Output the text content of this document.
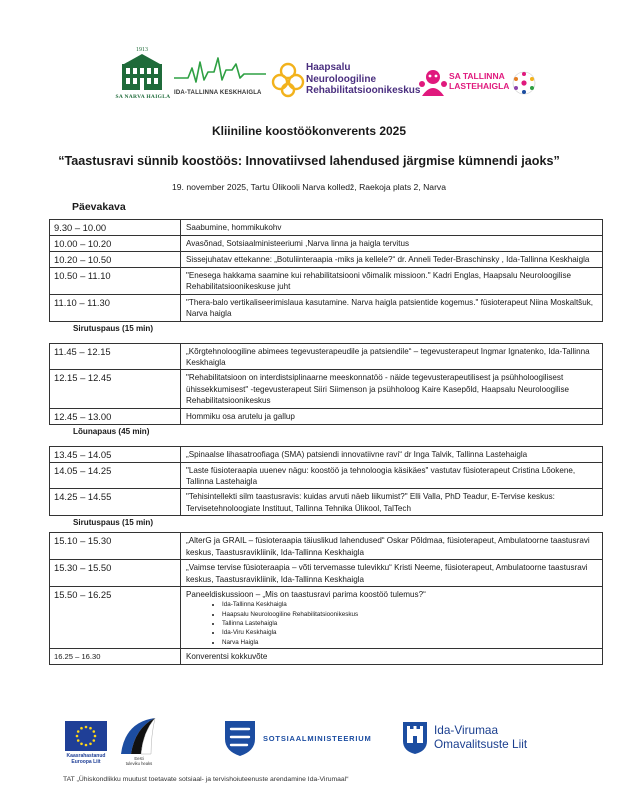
1913
SA NARVA HAIGLA
IDA-TALLINNA KESKHAIGLA
Haapsalu
Neuroloogiline
Rehabilitatsioonikeskus
SA TALLINNA
LASTEHAIGLA
Kliiniline koostöökonverents 2025
“Taastusravi sünnib koostöös: Innovatiivsed lahendused järgmise kümnendi jaoks”
19. november 2025, Tartu Ülikooli Narva kolledž, Raekoja plats 2, Narva
Päevakava
9.30 – 10.00	Saabumine, hommikukohv
10.00 – 10.20	Avasõnad, Sotsiaalministeeriumi ,Narva linna ja haigla tervitus
10.20 – 10.50	Sissejuhatav ettekanne: „Botuliinteraapia -miks ja kellele?“ dr. Anneli Teder-Braschinsky , Ida-Tallinna Keskhaigla
10.50 – 11.10	"Enesega hakkama saamine kui rehabilitatsiooni võimalik missioon." Kadri Englas, Haapsalu Neuroloogilise Rehabilitatsioonikeskuse juht
11.10 – 11.30	"Thera-balo vertikaliseerimislaua kasutamine. Narva haigla patsientide kogemus." füsioterapeut Niina Moskaltšuk, Narva haigla
Sirutuspaus (15 min)
11.45 – 12.15	„Kõrgtehnoloogiline abimees tegevusterapeudile ja patsiendile“ – tegevusterapeut Ingmar Ignatenko, Ida-Tallinna Keskhaigla
12.15 – 12.45	"Rehabilitatsioon on interdistsiplinaarne meeskonnatöö - näide tegevusterapeutilisest ja psühholoogilisest ühissekkumisest" -tegevusterapeut Siiri Siimenson ja psühholoog Kaire Kasepõld, Haapsalu Neuroloogilise Rehabilitatsioonikeskus
12.45 – 13.00	Hommiku osa arutelu ja gallup
Lõunapaus (45 min)
13.45 – 14.05	„Spinaalse lihasatroofiaga (SMA) patsiendi innovatiivne ravi“ dr Inga Talvik, Tallinna Lastehaigla
14.05 – 14.25	"Laste füsioteraapia uuenev nägu: koostöö ja tehnoloogia käsikäes" vastutav füsioterapeut Cristina Lõokene, Tallinna Lastehaigla
14.25 – 14.55	"Tehisintellekti silm taastusravis: kuidas arvuti näeb liikumist?" Elli Valla, PhD Teadur, E-Tervise keskus: Tervisetehnoloogiate Instituut, Tallinna Tehnika Ülikool, TalTech
Sirutuspaus (15 min)
15.10 – 15.30	„AlterG ja GRAIL – füsioteraapia täiuslikud lahendused“ Oskar Põldmaa, füsioterapeut, Ambulatoorne taastusravi keskus, Taastusravikliinik, Ida-Tallinna Keskhaigla
15.30 – 15.50	„Vaimse tervise füsioteraapia – võti tervemasse tulevikku“ Kristi Neeme, füsioterapeut, Ambulatoorne taastusravi keskus, Taastusravikliinik, Ida-Tallinna Keskhaigla
15.50 – 16.25	Paneeldiskussioon – „Mis on taastusravi parima koostöö tulemus?“
• Ida-Tallinna Keskhaigla
• Haapsalu Neuroloogiline Rehabilitatsioonikeskus
• Tallinna Lastehaigla
• Ida-Viru Keskhaigla
• Narva Haigla
16.25 – 16.30	Konverentsi kokkuvõte
Kaasrahastanud
Euroopa Liit
Eesti
tuleviku heaks
SOTSIAALMINISTEERIUM
Ida-Virumaa
Omavalitsuste Liit
TAT „Ühiskondlikku muutust toetavate sotsiaal- ja tervishoiuteenuste arendamine Ida-Virumaal“
